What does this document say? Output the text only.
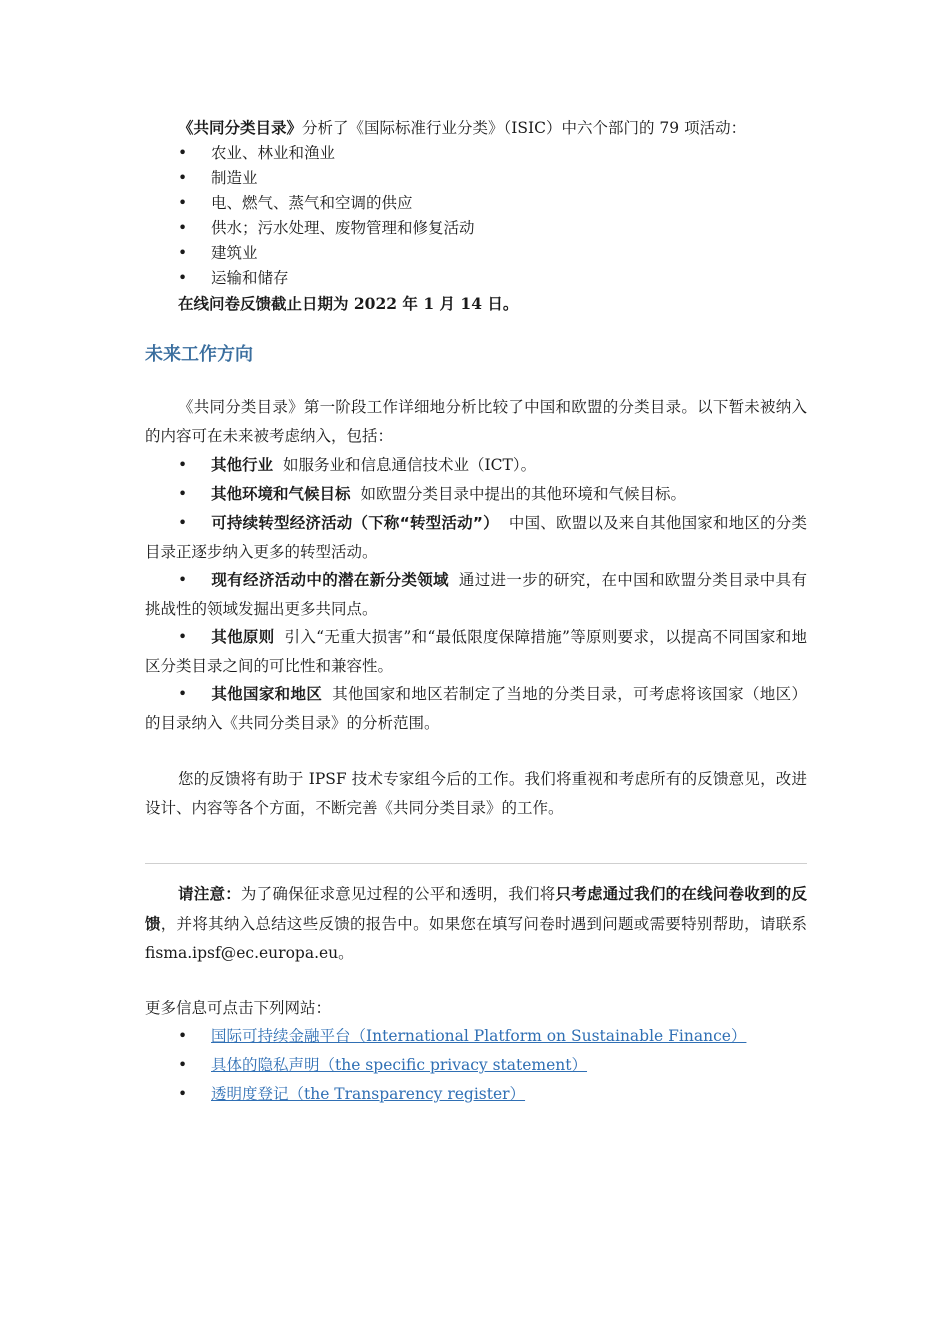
《共同分类目录》分析了《国际标准行业分类》（ISIC）中六个部门的 79 项活动：
• 农业、林业和渔业
• 制造业
• 电、燃气、蒸气和空调的供应
• 供水；污水处理、废物管理和修复活动
• 建筑业
• 运输和储存
在线问卷反馈截止日期为 2022 年 1 月 14 日。
未来工作方向
《共同分类目录》第一阶段工作详细地分析比较了中国和欧盟的分类目录。以下暂未被纳入的内容可在未来被考虑纳入，包括：
• 其他行业 如服务业和信息通信技术业（ICT）。
• 其他环境和气候目标 如欧盟分类目录中提出的其他环境和气候目标。
• 可持续转型经济活动（下称“转型活动”） 中国、欧盟以及来自其他国家和地区的分类目录正逐步纳入更多的转型活动。
• 现有经济活动中的潜在新分类领域 通过进一步的研究，在中国和欧盟分类目录中具有挑战性的领域发掘出更多共同点。
• 其他原则 引入“无重大损害”和“最低限度保障措施”等原则要求，以提高不同国家和地区分类目录之间的可比性和兼容性。
• 其他国家和地区 其他国家和地区若制定了当地的分类目录，可考虑将该国家（地区）的目录纳入《共同分类目录》的分析范围。
您的反馈将有助于 IPSF 技术专家组今后的工作。我们将重视和考虑所有的反馈意见，改进设计、内容等各个方面，不断完善《共同分类目录》的工作。
请注意：为了确保征求意见过程的公平和透明，我们将只考虑通过我们的在线问卷收到的反馈，并将其纳入总结这些反馈的报告中。如果您在填写问卷时遇到问题或需要特别帮助，请联系 fisma.ipsf@ec.europa.eu。
更多信息可点击下列网站：
• 国际可持续金融平台（International Platform on Sustainable Finance）
• 具体的隐私声明（the specific privacy statement）
• 透明度登记（the Transparency register）
